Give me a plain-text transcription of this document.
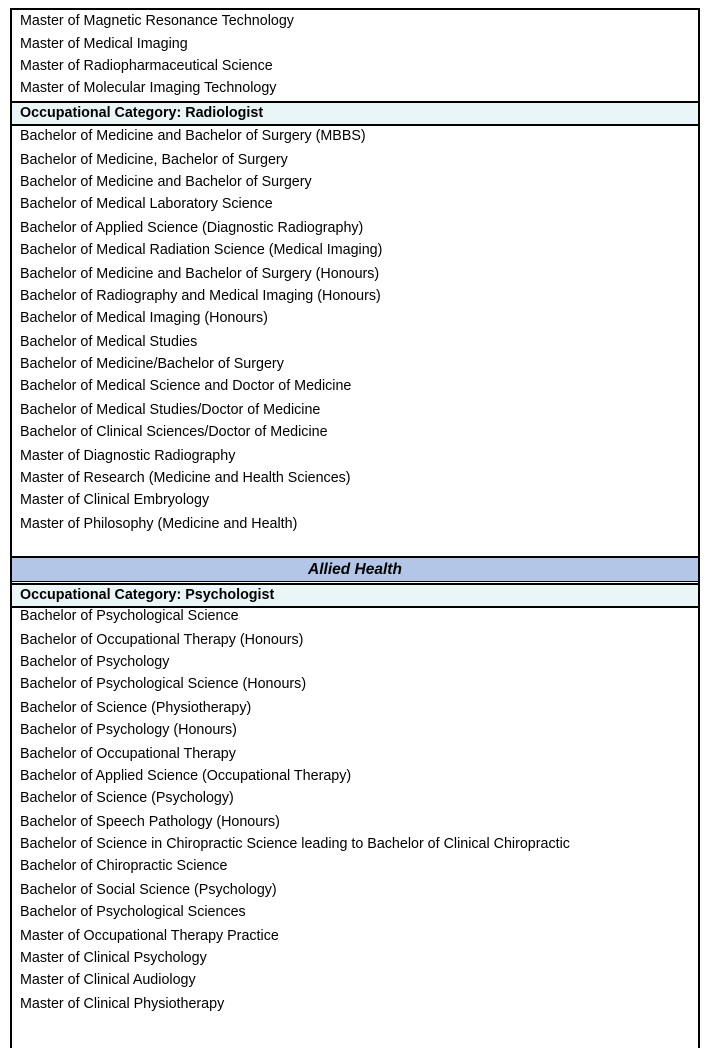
Master of Magnetic Resonance Technology
Master of Medical Imaging
Master of Radiopharmaceutical Science
Master of Molecular Imaging Technology
Occupational Category: Radiologist
Bachelor of Medicine and Bachelor of Surgery (MBBS)
Bachelor of Medicine, Bachelor of Surgery
Bachelor of Medicine and Bachelor of Surgery
Bachelor of Medical Laboratory Science
Bachelor of Applied Science (Diagnostic Radiography)
Bachelor of Medical Radiation Science (Medical Imaging)
Bachelor of Medicine and Bachelor of Surgery (Honours)
Bachelor of Radiography and Medical Imaging (Honours)
Bachelor of Medical Imaging (Honours)
Bachelor of Medical Studies
Bachelor of Medicine/Bachelor of Surgery
Bachelor of Medical Science and Doctor of Medicine
Bachelor of Medical Studies/Doctor of Medicine
Bachelor of Clinical Sciences/Doctor of Medicine
Master of Diagnostic Radiography
Master of Research (Medicine and Health Sciences)
Master of Clinical Embryology
Master of Philosophy (Medicine and Health)
Allied Health
Occupational Category: Psychologist
Bachelor of Psychological Science
Bachelor of Occupational Therapy (Honours)
Bachelor of Psychology
Bachelor of Psychological Science (Honours)
Bachelor of Science (Physiotherapy)
Bachelor of Psychology (Honours)
Bachelor of Occupational Therapy
Bachelor of Applied Science (Occupational Therapy)
Bachelor of Science (Psychology)
Bachelor of Speech Pathology (Honours)
Bachelor of Science in Chiropractic Science leading to Bachelor of Clinical Chiropractic
Bachelor of Chiropractic Science
Bachelor of Social Science (Psychology)
Bachelor of Psychological Sciences
Master of Occupational Therapy Practice
Master of Clinical Psychology
Master of Clinical Audiology
Master of Clinical Physiotherapy
